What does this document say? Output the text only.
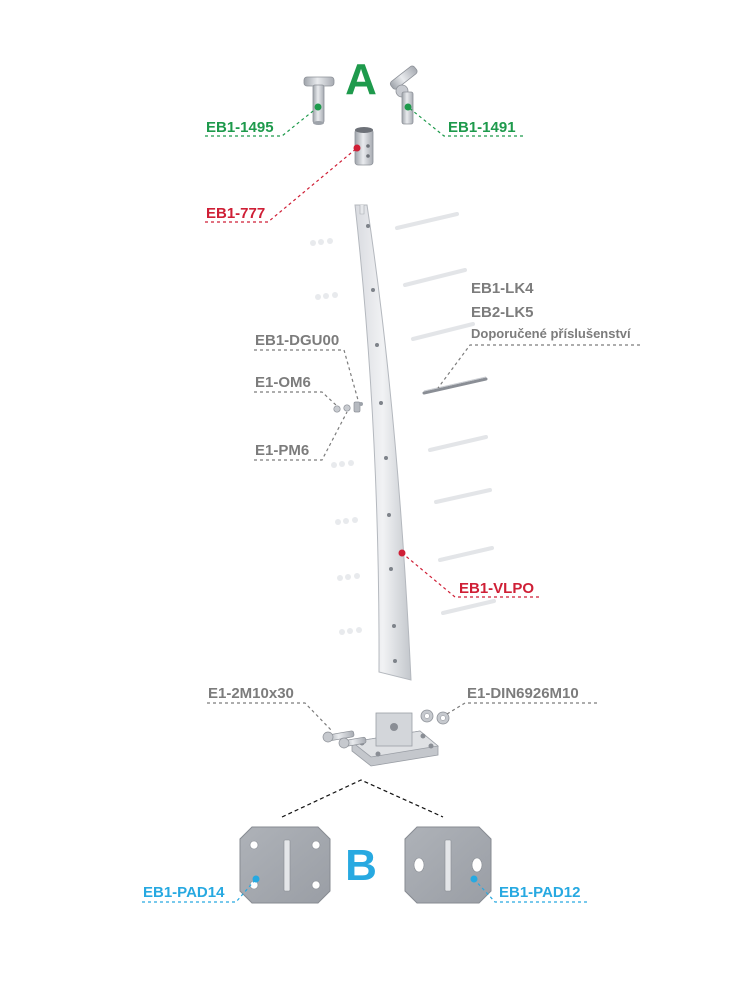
A
B
EB1-1495	EB1-1491
EB1-777
EB1-LK4
EB2-LK5
Doporučené příslušenství
EB1-DGU00
E1-OM6
E1-PM6
EB1-VLPO
E1-2M10x30	E1-DIN6926M10
EB1-PAD14	EB1-PAD12
